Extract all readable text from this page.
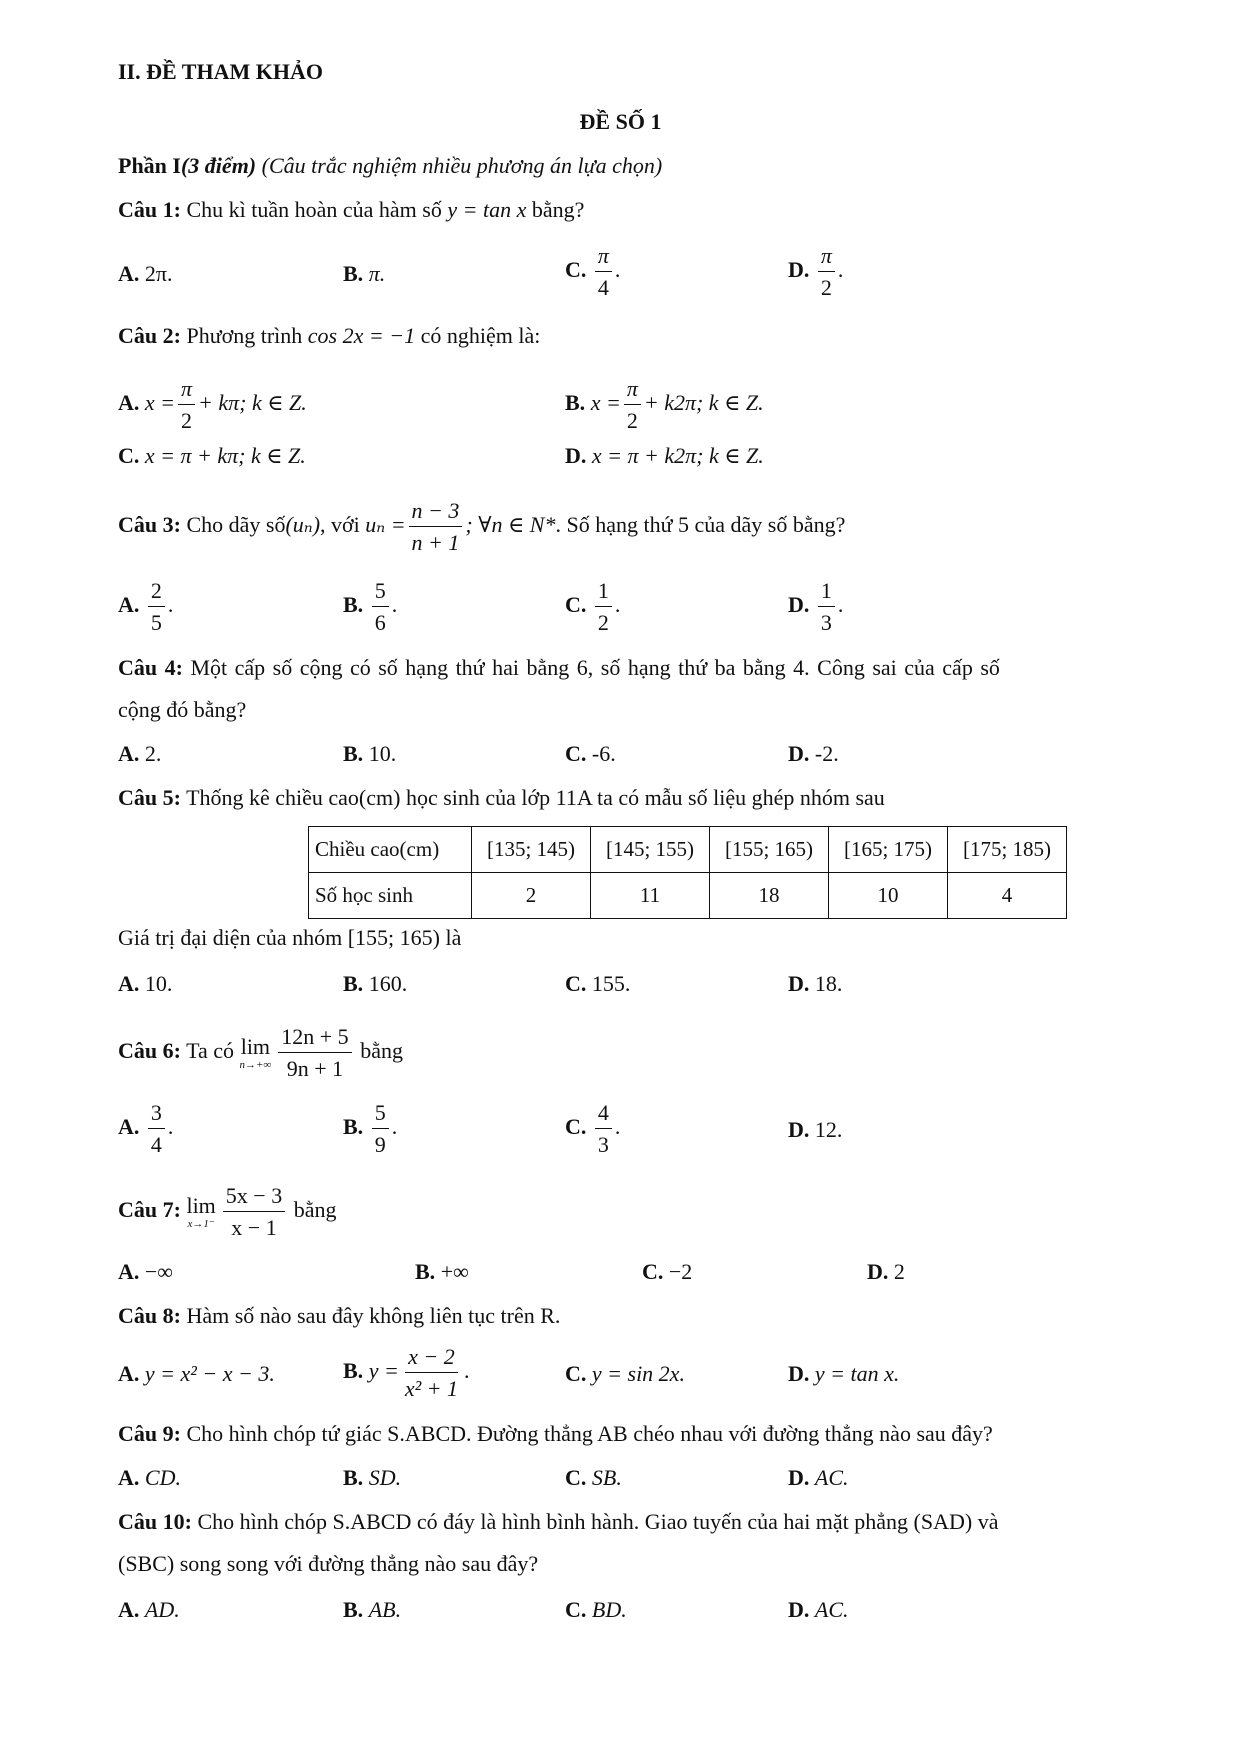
II. ĐỀ THAM KHẢO
ĐỀ SỐ 1
Phần I(3 điểm) (Câu trắc nghiệm nhiều phương án lựa chọn)
Câu 1: Chu kì tuần hoàn của hàm số y = tan x bằng?
A. 2π.	B. π.	C. $\frac{\pi}{4}$ .	D. $\frac{\pi}{2}$ .
Câu 2: Phương trình cos 2x = −1 có nghiệm là:
A. $x = \frac{\pi}{2} + k\pi$; k ∈ Z.	B. $x = \frac{\pi}{2} + k2\pi$; k ∈ Z.
C. x = π + kπ; k ∈ Z.	D. x = π + k2π; k ∈ Z.
Câu 3: Cho dãy số(uₙ), với $u_n = \frac{n - 3}{n + 1}$ ; ∀n ∈ N*. Số hạng thứ 5 của dãy số bằng?
A. $\frac{2}{5}$ .	B. $\frac{5}{6}$ .	C. $\frac{1}{2}$ .	D. $\frac{1}{3}$ .
Câu 4: Một cấp số cộng có số hạng thứ hai bằng 6, số hạng thứ ba bằng 4. Công sai của cấp số
cộng đó bằng?
A. 2.	B. 10.	C. -6.	D. -2.
Câu 5: Thống kê chiều cao(cm) học sinh của lớp 11A ta có mẫu số liệu ghép nhóm sau
Chiều cao(cm)	[135; 145)	[145; 155)	[155; 165)	[165; 175)	[175; 185)
Số học sinh	2	11	18	10	4
Giá trị đại diện của nhóm [155; 165) là
A. 10.	B. 160.	C. 155.	D. 18.
Câu 6: Ta có lim
$n\to+\infty \frac{12n + 5}{9n + 1}$ bằng
A. $\frac{3}{4}$ .	B. $\frac{5}{9}$ .	C. $\frac{4}{3}$ .	D. 12.
Câu 7: lim
$x\to 1^- \frac{5x - 3}{x - 1}$ bằng
A. −∞	B. +∞	C. −2	D. 2
Câu 8: Hàm số nào sau đây không liên tục trên R.
A. y = x² − x − 3.	B. $y = \frac{x - 2}{\text{x² + 1}}$ .	C. y = sin 2x.	D. y = tan x.
Câu 9: Cho hình chóp tứ giác S.ABCD. Đường thẳng AB chéo nhau với đường thẳng nào sau đây?
A. CD.	B. SD.	C. SB.	D. AC.
Câu 10: Cho hình chóp S.ABCD có đáy là hình bình hành. Giao tuyến của hai mặt phẳng (SAD) và
(SBC) song song với đường thẳng nào sau đây?
A. AD.	B. AB.	C. BD.	D. AC.
